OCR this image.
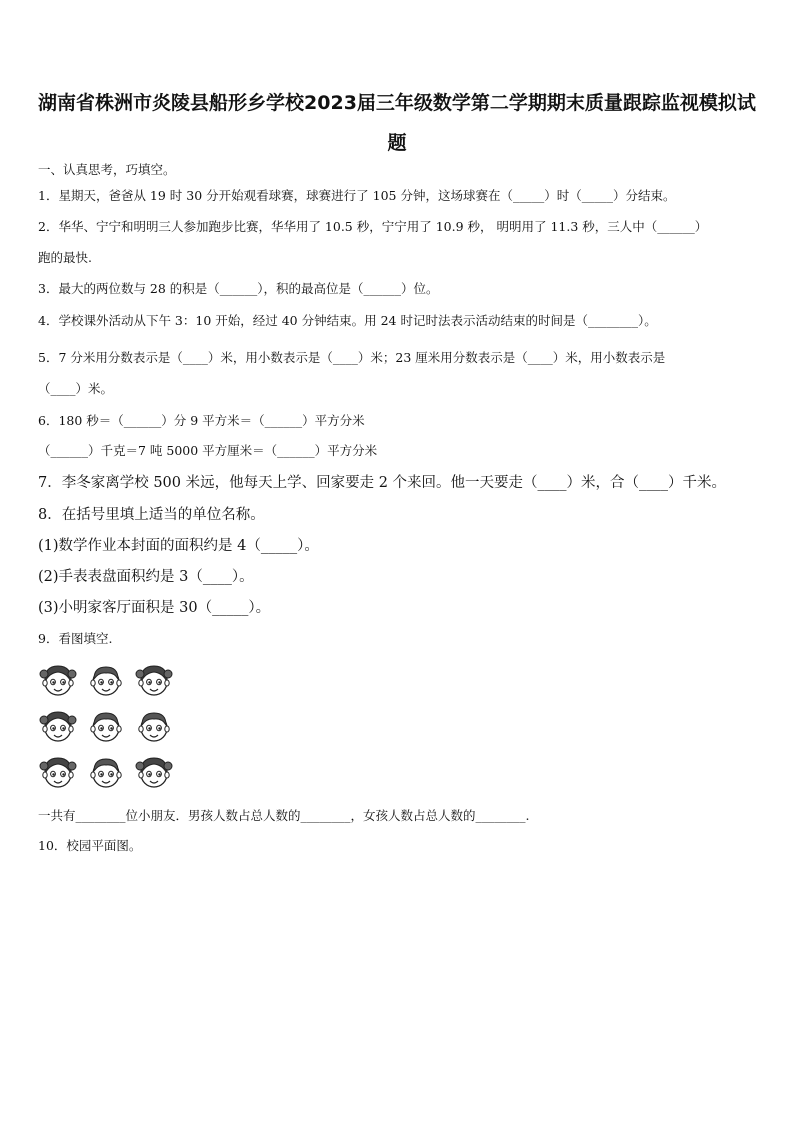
湖南省株洲市炎陵县船形乡学校2023届三年级数学第二学期期末质量跟踪监视模拟试
题
一、认真思考，巧填空。
1．星期天，爸爸从 19 时 30 分开始观看球赛，球赛进行了 105 分钟，这场球赛在（_____）时（_____）分结束。
2．华华、宁宁和明明三人参加跑步比赛，华华用了 10.5 秒，宁宁用了 10.9 秒， 明明用了 11.3 秒，三人中（______）
跑的最快.
3．最大的两位数与 28 的积是（______），积的最高位是（______）位。
4．学校课外活动从下午 3：10 开始，经过 40 分钟结束。用 24 时记时法表示活动结束的时间是（________）。
5．7 分米用分数表示是（____）米，用小数表示是（____）米；23 厘米用分数表示是（____）米，用小数表示是
（____）米。
6．180 秒＝（______）分 9 平方米＝（______）平方分米
（______）千克＝7 吨 5000 平方厘米＝（______）平方分米
7．李冬家离学校 500 米远，他每天上学、回家要走 2 个来回。他一天要走（____）米，合（____）千米。
8．在括号里填上适当的单位名称。
(1)数学作业本封面的面积约是 4（_____）。
(2)手表表盘面积约是 3（____）。
(3)小明家客厅面积是 30（_____）。
9．看图填空.
一共有________位小朋友．男孩人数占总人数的________，女孩人数占总人数的________.
10．校园平面图。
